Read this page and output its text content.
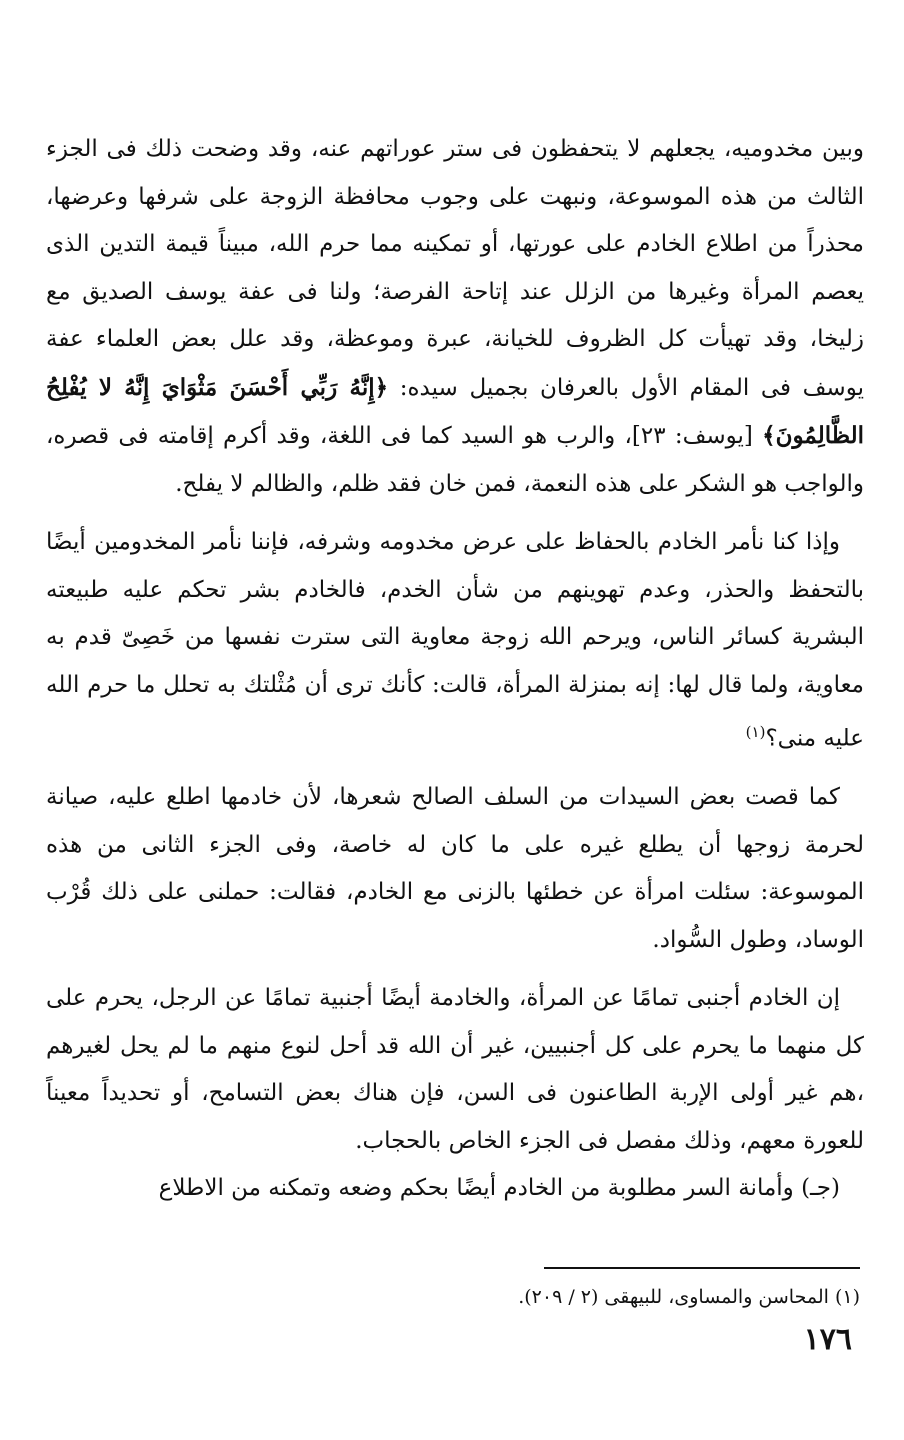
وبين مخدوميه، يجعلهم لا يتحفظون فى ستر عوراتهم عنه، وقد وضحت ذلك فى الجزء الثالث من هذه الموسوعة، ونبهت على وجوب محافظة الزوجة على شرفها وعرضها، محذراً من اطلاع الخادم على عورتها، أو تمكينه مما حرم الله، مبيناً قيمة التدين الذى يعصم المرأة وغيرها من الزلل عند إتاحة الفرصة؛ ولنا فى عفة يوسف الصديق مع زليخا، وقد تهيأت كل الظروف للخيانة، عبرة وموعظة، وقد علل بعض العلماء عفة يوسف فى المقام الأول بالعرفان بجميل سيده: ﴿إِنَّهُ رَبِّي أَحْسَنَ مَثْوَايَ إِنَّهُ لا يُفْلِحُ الظَّالِمُونَ﴾ [يوسف: ٢٣]، والرب هو السيد كما فى اللغة، وقد أكرم إقامته فى قصره، والواجب هو الشكر على هذه النعمة، فمن خان فقد ظلم، والظالم لا يفلح.

وإذا كنا نأمر الخادم بالحفاظ على عرض مخدومه وشرفه، فإننا نأمر المخدومين أيضًا بالتحفظ والحذر، وعدم تهوينهم من شأن الخدم، فالخادم بشر تحكم عليه طبيعته البشرية كسائر الناس، ويرحم الله زوجة معاوية التى سترت نفسها من خَصِىّ قدم به معاوية، ولما قال لها: إنه بمنزلة المرأة، قالت: كأنك ترى أن مُثْلتك به تحلل ما حرم الله عليه منى؟$^{(١)}$

كما قصت بعض السيدات من السلف الصالح شعرها، لأن خادمها اطلع عليه، صيانة لحرمة زوجها أن يطلع غيره على ما كان له خاصة، وفى الجزء الثانى من هذه الموسوعة: سئلت امرأة عن خطئها بالزنى مع الخادم، فقالت: حملنى على ذلك قُرْب الوساد، وطول السُّواد.

إن الخادم أجنبى تمامًا عن المرأة، والخادمة أيضًا أجنبية تمامًا عن الرجل، يحرم على كل منهما ما يحرم على كل أجنبيين، غير أن الله قد أحل لنوع منهم ما لم يحل لغيرهم ،هم غير أولى الإربة الطاعنون فى السن، فإن هناك بعض التسامح، أو تحديداً معيناً للعورة معهم، وذلك مفصل فى الجزء الخاص بالحجاب.

(جـ) وأمانة السر مطلوبة من الخادم أيضًا بحكم وضعه وتمكنه من الاطلاع

(١) المحاسن والمساوى، للبيهقى (٢ / ٢٠٩).

١٧٦
